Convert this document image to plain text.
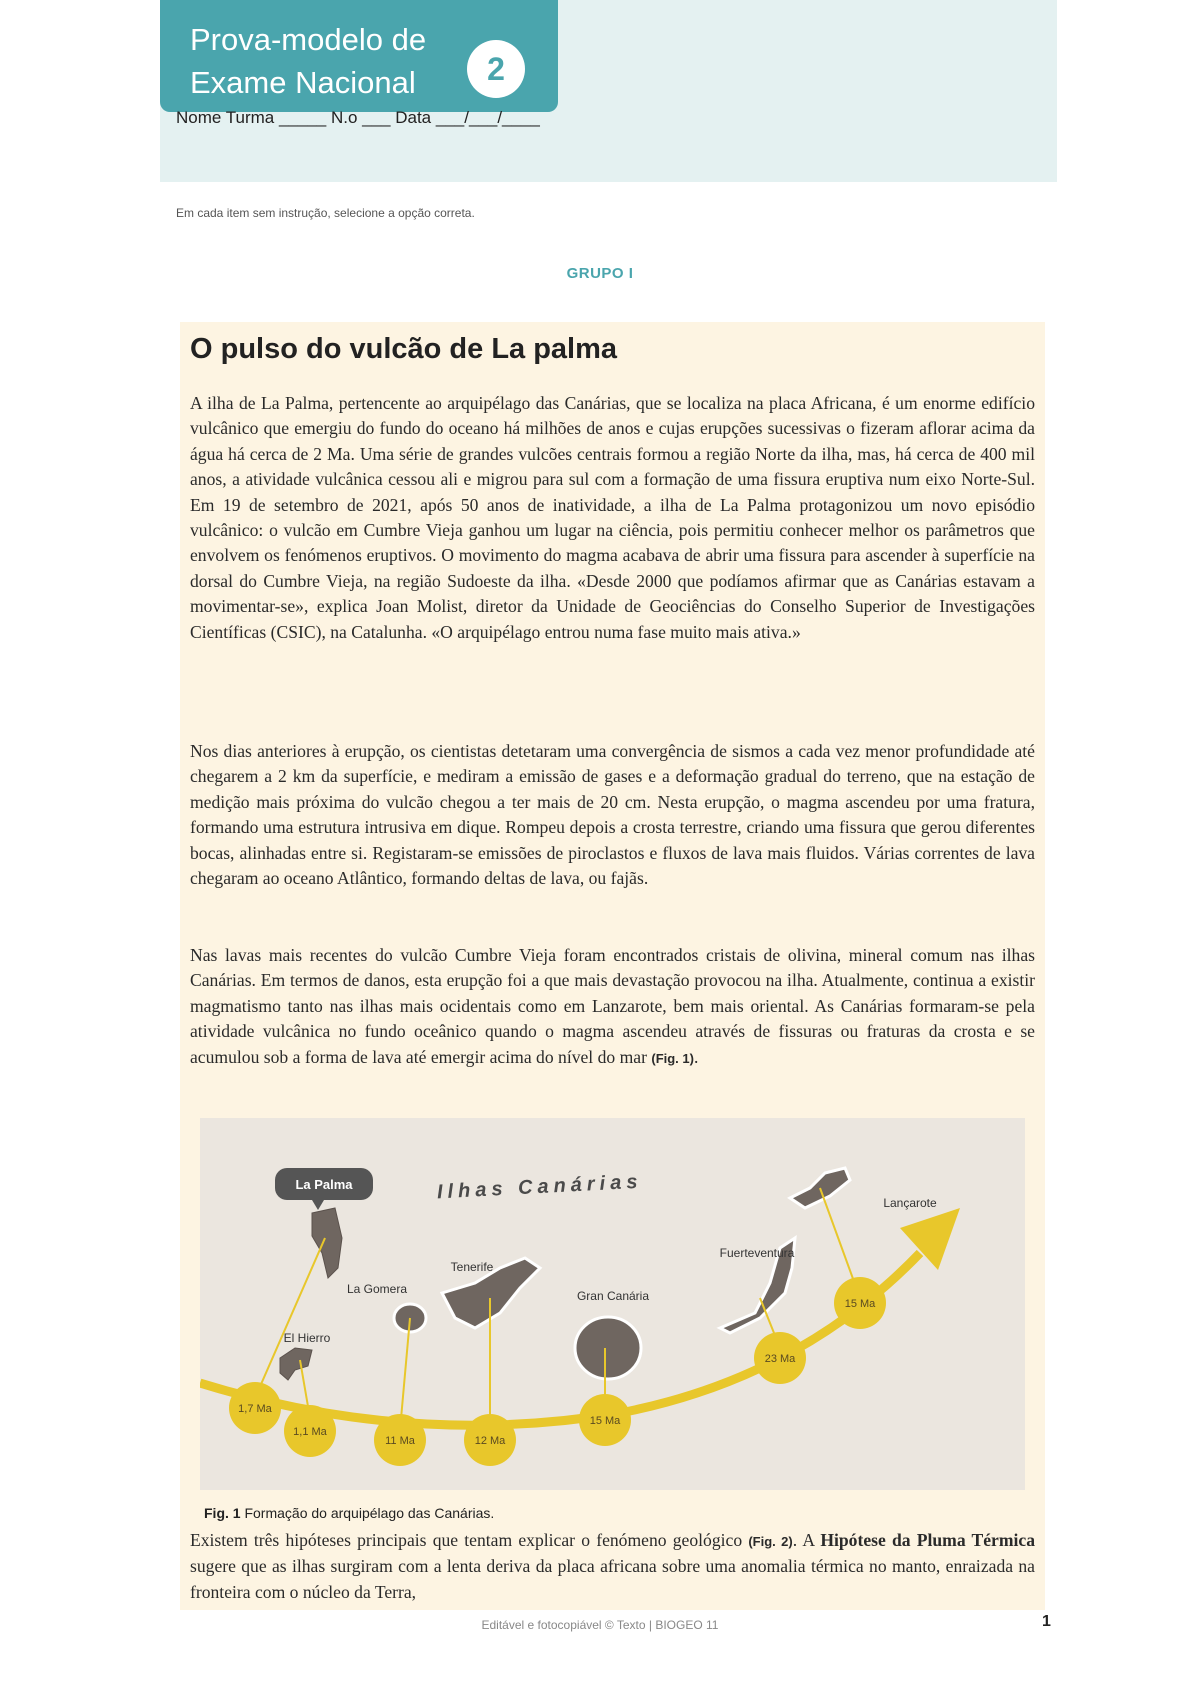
Prova-modelo de
Exame Nacional	2
Nome Turma _____ N.o ___ Data ___/___/____
Em cada item sem instrução, selecione a opção correta.
GRUPO I
O pulso do vulcão de La palma

A ilha de La Palma, pertencente ao arquipélago das Canárias, que se localiza na placa Africana, é um enorme edifício vulcânico que emergiu do fundo do oceano há milhões de anos e cujas erupções sucessivas o fizeram aflorar acima da água há cerca de 2 Ma. Uma série de grandes vulcões centrais formou a região Norte da ilha, mas, há cerca de 400 mil anos, a atividade vulcânica cessou ali e migrou para sul com a formação de uma fissura eruptiva num eixo Norte-Sul. Em 19 de setembro de 2021, após 50 anos de inatividade, a ilha de La Palma protagonizou um novo episódio vulcânico: o vulcão em Cumbre Vieja ganhou um lugar na ciência, pois permitiu conhecer melhor os parâmetros que envolvem os fenómenos eruptivos. O movimento do magma acabava de abrir uma fissura para ascender à superfície na dorsal do Cumbre Vieja, na região Sudoeste da ilha. «Desde 2000 que podíamos afirmar que as Canárias estavam a movimentar-se», explica Joan Molist, diretor da Unidade de Geociências do Conselho Superior de Investigações Científicas (CSIC), na Catalunha. «O arquipélago entrou numa fase muito mais ativa.»

Nos dias anteriores à erupção, os cientistas detetaram uma convergência de sismos a cada vez menor profundidade até chegarem a 2 km da superfície, e mediram a emissão de gases e a deformação gradual do terreno, que na estação de medição mais próxima do vulcão chegou a ter mais de 20 cm. Nesta erupção, o magma ascendeu por uma fratura, formando uma estrutura intrusiva em dique. Rompeu depois a crosta terrestre, criando uma fissura que gerou diferentes bocas, alinhadas entre si. Registaram-se emissões de piroclastos e fluxos de lava mais fluidos. Várias correntes de lava chegaram ao oceano Atlântico, formando deltas de lava, ou fajãs.

Nas lavas mais recentes do vulcão Cumbre Vieja foram encontrados cristais de olivina, mineral comum nas ilhas Canárias. Em termos de danos, esta erupção foi a que mais devastação provocou na ilha. Atualmente, continua a existir magmatismo tanto nas ilhas mais ocidentais como em Lanzarote, bem mais oriental. As Canárias formaram-se pela atividade vulcânica no fundo oceânico quando o magma ascendeu através de fissuras ou fraturas da crosta e se acumulou sob a forma de lava até emergir acima do nível do mar (Fig. 1).

1,7 Ma
1,1 Ma
11 Ma	12 Ma
15 Ma
23 Ma
15 Ma
La Palma	Ilhas Canárias
El Hierro
La Gomera
Tenerife
Gran Canária
Fuerteventura
Lançarote
Fig. 1 Formação do arquipélago das Canárias.

Existem três hipóteses principais que tentam explicar o fenómeno geológico (Fig. 2). A Hipótese da Pluma Térmica sugere que as ilhas surgiram com a lenta deriva da placa africana sobre uma anomalia térmica no manto, enraizada na fronteira com o núcleo da Terra,

Editável e fotocopiável © Texto | BIOGEO 11	1
